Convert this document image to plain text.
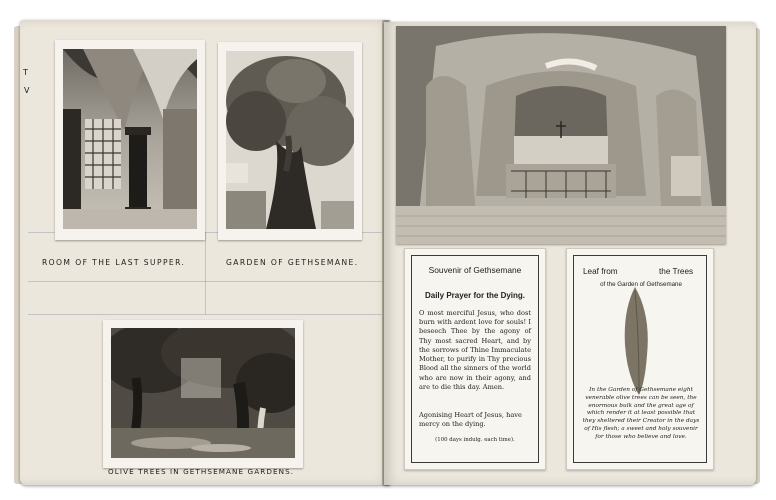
T
V
ROOM OF THE LAST SUPPER.	GARDEN OF GETHSEMANE.
OLIVE TREES IN GETHSEMANE GARDENS.
Souvenir of Gethsemane
Daily Prayer for the Dying.
O most merciful Jesus, who dost burn with ardent love for souls! I beseech Thee by the agony of Thy most sacred Heart, and by the sorrows of Thine Immaculate Mother, to purify in Thy precious Blood all the sinners of the world who are now in their agony, and are to die this day. Amen.
Agonising Heart of Jesus, have mercy on the dying.
(100 days indulg. each time).
Leaf from	the Trees
of the Garden of Gethsemane
In the Garden of Gethsemane eight venerable olive trees can be seen, the enormous bulk and the great age of which render it at least possible that they sheltered their Creator in the days of His flesh; a sweet and holy souvenir for those who believe and love.
